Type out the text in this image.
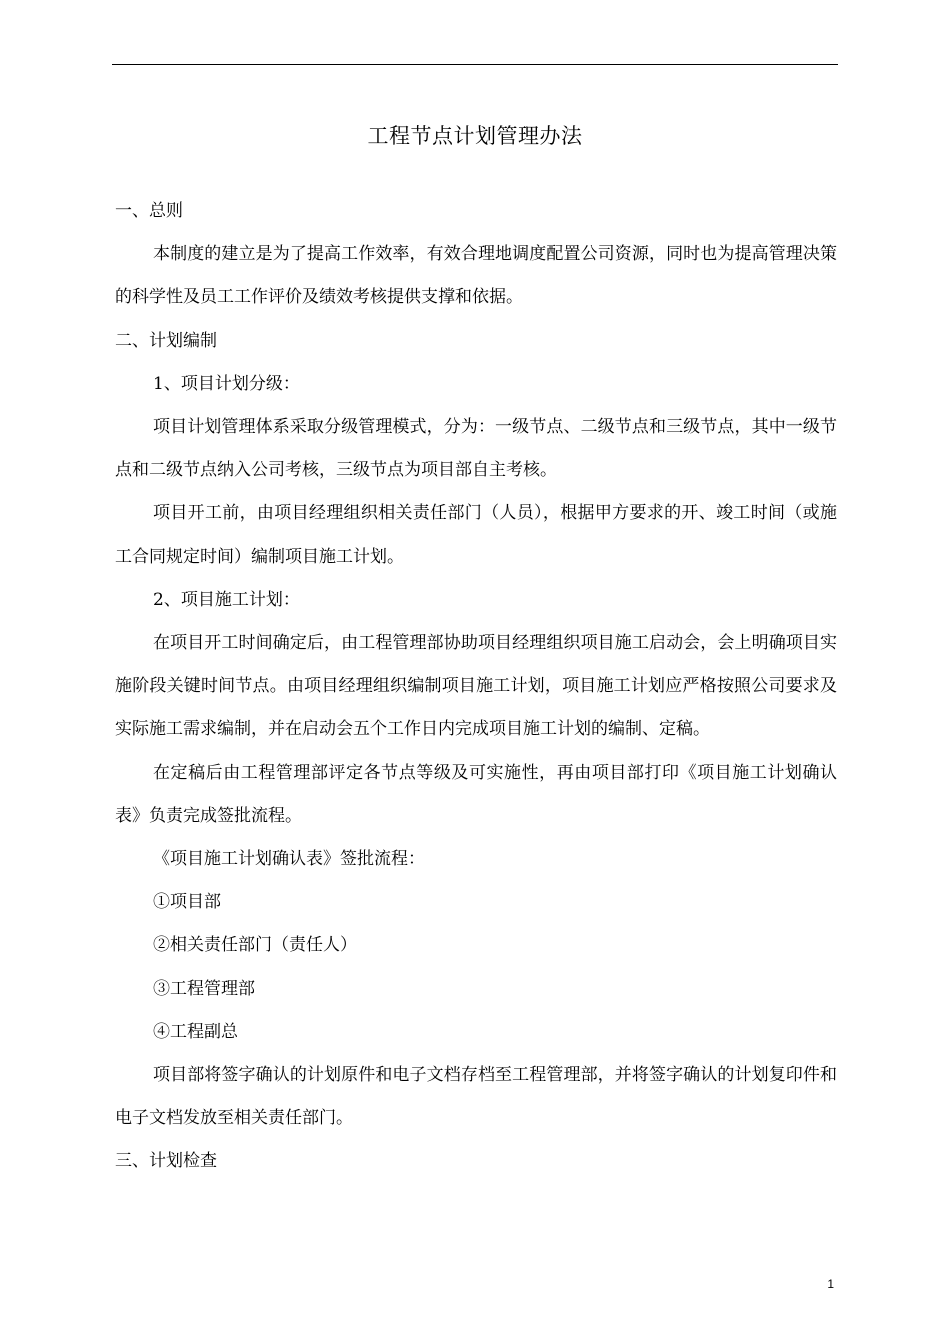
工程节点计划管理办法

一、总则

本制度的建立是为了提高工作效率，有效合理地调度配置公司资源，同时也为提高管理决策的科学性及员工工作评价及绩效考核提供支撑和依据。

二、计划编制

1、项目计划分级：

项目计划管理体系采取分级管理模式，分为：一级节点、二级节点和三级节点，其中一级节点和二级节点纳入公司考核，三级节点为项目部自主考核。

项目开工前，由项目经理组织相关责任部门（人员），根据甲方要求的开、竣工时间（或施工合同规定时间）编制项目施工计划。

2、项目施工计划：

在项目开工时间确定后，由工程管理部协助项目经理组织项目施工启动会，会上明确项目实施阶段关键时间节点。由项目经理组织编制项目施工计划，项目施工计划应严格按照公司要求及实际施工需求编制，并在启动会五个工作日内完成项目施工计划的编制、定稿。

在定稿后由工程管理部评定各节点等级及可实施性，再由项目部打印《项目施工计划确认表》负责完成签批流程。

《项目施工计划确认表》签批流程：

①项目部

②相关责任部门（责任人）

③工程管理部

④工程副总

项目部将签字确认的计划原件和电子文档存档至工程管理部，并将签字确认的计划复印件和电子文档发放至相关责任部门。

三、计划检查

1
